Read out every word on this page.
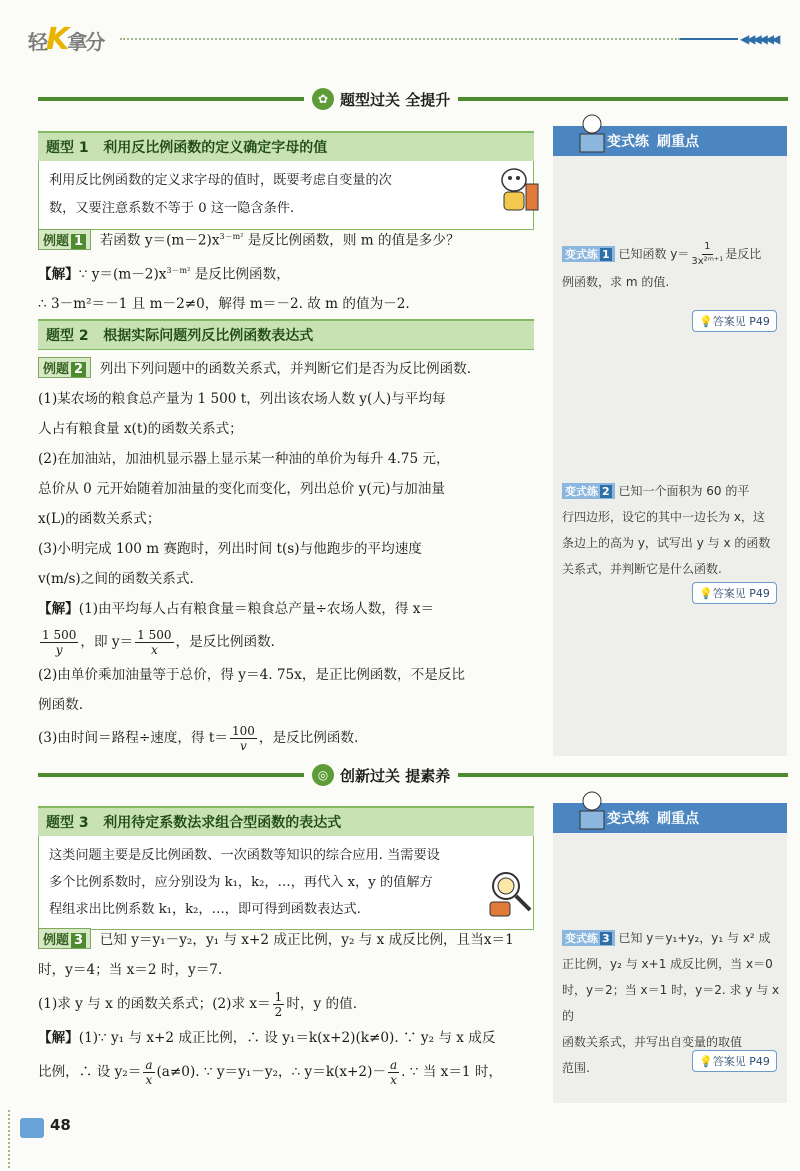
轻K拿分	◀◀◀◀◀◀
✿ 题型过关 全提升
题型 1 利用反比例函数的定义确定字母的值

利用反比例函数的定义求字母的值时，既要考虑自变量的次

数，又要注意系数不等于 0 这一隐含条件.

例题 1 若函数 $y=(m-2)x^{3-m^2}$ 是反比例函数，则 m 的值是多少？

【解】∵ $y=(m-2)x^{3-m^2}$ 是反比例函数，

∴ 3－m²＝－1 且 m－2≠0，解得 m＝－2. 故 m 的值为－2.

题型 2 根据实际问题列反比例函数表达式

例题 2 列出下列问题中的函数关系式，并判断它们是否为反比例函数.

(1)某农场的粮食总产量为 1 500 t，列出该农场人数 y(人)与平均每

人占有粮食量 x(t)的函数关系式；

(2)在加油站，加油机显示器上显示某一种油的单价为每升 4.75 元，

总价从 0 元开始随着加油量的变化而变化，列出总价 y(元)与加油量

x(L)的函数关系式；

(3)小明完成 100 m 赛跑时，列出时间 t(s)与他跑步的平均速度

v(m/s)之间的函数关系式.

【解】(1)由平均每人占有粮食量＝粮食总产量÷农场人数，得 x＝

$\frac{1 500}{y}$ ，即 $y= \frac{1 500}{x}$ ，是反比例函数.

(2)由单价乘加油量等于总价，得 y＝4. 75x，是正比例函数，不是反比

例函数.

(3)由时间＝路程÷速度，得 $t= \frac{100}{v}$ ，是反比例函数.

◎ 创新过关 提素养
题型 3 利用待定系数法求组合型函数的表达式

这类问题主要是反比例函数、一次函数等知识的综合应用. 当需要设

多个比例系数时，应分别设为 k₁，k₂，…，再代入 x，y 的值解方

程组求出比例系数 k₁，k₂，…，即可得到函数表达式.

例题 3 已知 y＝y₁－y₂，y₁ 与 x+2 成正比例，y₂ 与 x 成反比例，且当x＝1

时，y＝4；当 x＝2 时，y＝7.

(1)求 y 与 x 的函数关系式；(2)求 $x= \frac{1}{2}$ 时，y 的值.

【解】(1)∵ y₁ 与 x+2 成正比例，∴ 设 y₁＝k(x+2)(k≠0). ∵ y₂ 与 x 成反

比例，∴ 设 $y_2= \frac{a}{x} (a\ne 0)$. ∵ y＝y₁－y₂，∴ $y=k(x+2)- \frac{a}{x}$ . ∵ 当 x＝1 时，

变式练 刷重点

变式练 1 已知函数 $y= \frac{1}{\text{3x²ᵐ⁺¹}}$ 是反比

例函数，求 m 的值.

💡答案见 P49

变式练 2 已知一个面积为 60 的平

行四边形，设它的其中一边长为 x，这

条边上的高为 y，试写出 y 与 x 的函数

关系式，并判断它是什么函数.

💡答案见 P49
变式练 刷重点

变式练 3 已知 y＝y₁+y₂，y₁ 与 x² 成

正比例，y₂ 与 x+1 成反比例，当 x＝0

时，y＝2；当 x＝1 时，y＝2. 求 y 与 x 的

函数关系式，并写出自变量的取值

范围.	💡答案见 P49
48
